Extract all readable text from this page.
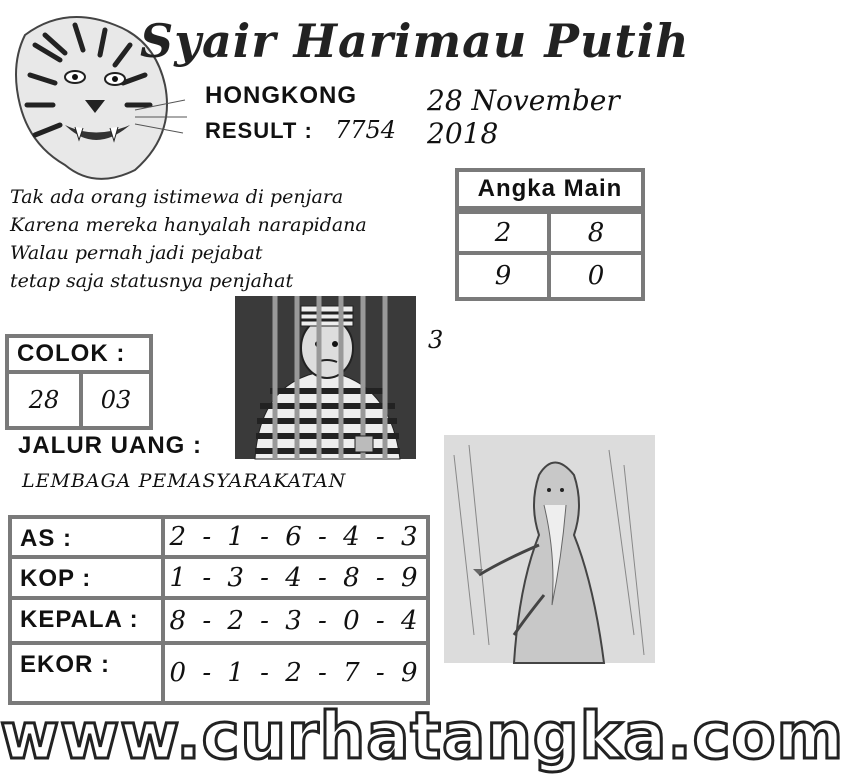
Syair Harimau Putih
HONGKONG
RESULT : 7754
28 November 2018
Tak ada orang istimewa di penjara
Karena mereka hanyalah narapidana
Walau pernah jadi pejabat
tetap saja statusnya penjahat
Angka Main
2	8
9	0
3
COLOK :
28	03
JALUR UANG :
LEMBAGA PEMASYARAKATAN
AS :	2 - 1 - 6 - 4 - 3
KOP :	1 - 3 - 4 - 8 - 9
KEPALA :	8 - 2 - 3 - 0 - 4
EKOR :	0 - 1 - 2 - 7 - 9
www.curhatangka.com
